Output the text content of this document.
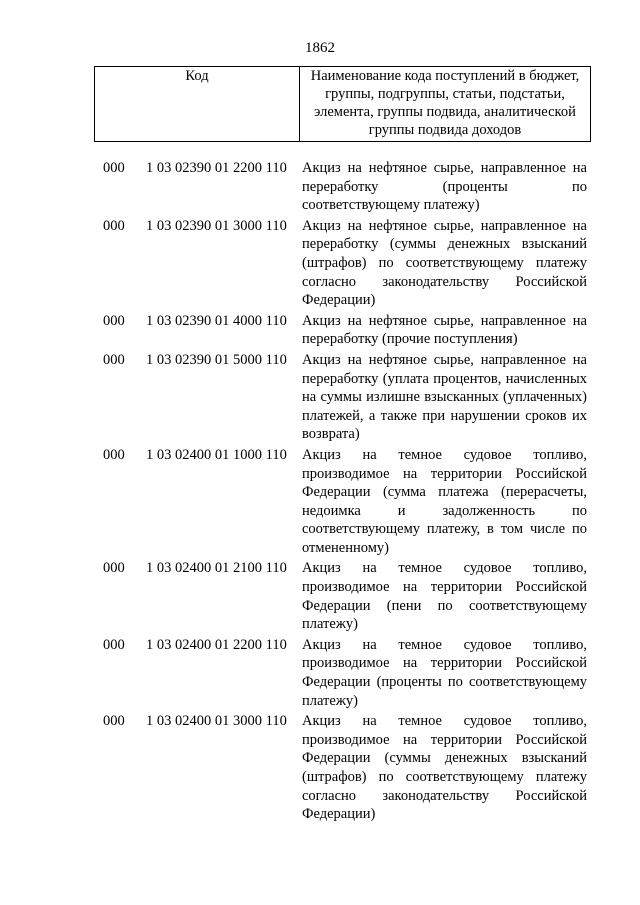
1862
Код	Наименование кода поступлений в бюджет, группы, подгруппы, статьи, подстатьи, элемента, группы подвида, аналитической группы подвида доходов
000 1 03 02390 01 2200 110 Акциз на нефтяное сырье, направленное на переработку (проценты по соответствующему платежу)
000 1 03 02390 01 3000 110 Акциз на нефтяное сырье, направленное на переработку (суммы денежных взысканий (штрафов) по соответствующему платежу согласно законодательству Российской Федерации)
000 1 03 02390 01 4000 110 Акциз на нефтяное сырье, направленное на переработку (прочие поступления)
000 1 03 02390 01 5000 110 Акциз на нефтяное сырье, направленное на переработку (уплата процентов, начисленных на суммы излишне взысканных (уплаченных) платежей, а также при нарушении сроков их возврата)
000 1 03 02400 01 1000 110 Акциз на темное судовое топливо, производимое на территории Российской Федерации (сумма платежа (перерасчеты, недоимка и задолженность по соответствующему платежу, в том числе по отмененному)
000 1 03 02400 01 2100 110 Акциз на темное судовое топливо, производимое на территории Российской Федерации (пени по соответствующему платежу)
000 1 03 02400 01 2200 110 Акциз на темное судовое топливо, производимое на территории Российской Федерации (проценты по соответствующему платежу)
000 1 03 02400 01 3000 110 Акциз на темное судовое топливо, производимое на территории Российской Федерации (суммы денежных взысканий (штрафов) по соответствующему платежу согласно законодательству Российской Федерации)
